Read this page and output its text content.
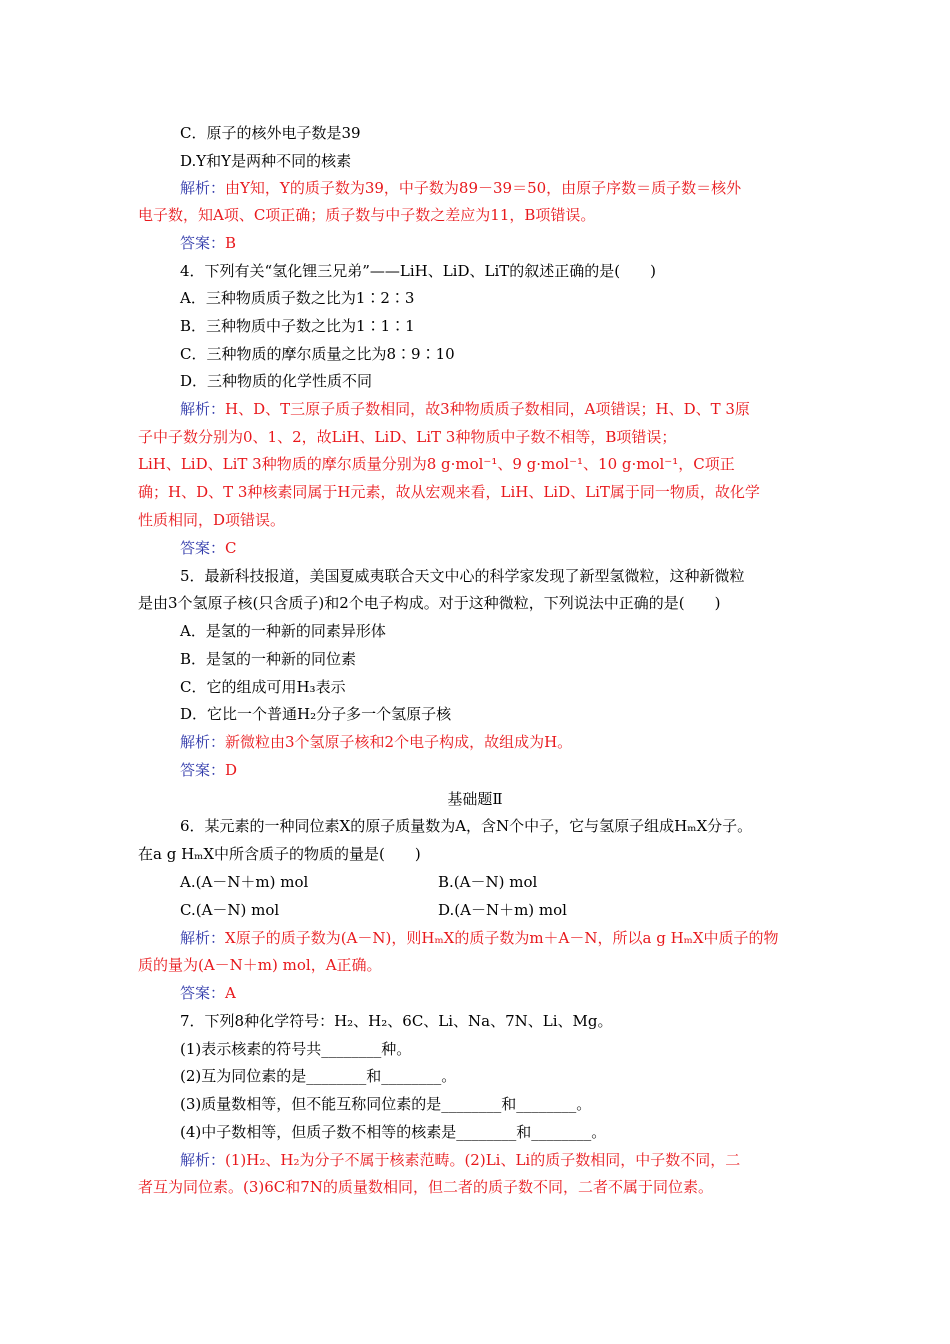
C．原子的核外电子数是39
D.Y和Y是两种不同的核素
解析：由Y知，Y的质子数为39，中子数为89－39＝50，由原子序数＝质子数＝核外
电子数，知A项、C项正确；质子数与中子数之差应为11，B项错误。
答案：B
4．下列有关“氢化锂三兄弟”——LiH、LiD、LiT的叙述正确的是(　　)
A．三种物质质子数之比为1∶2∶3
B．三种物质中子数之比为1∶1∶1
C．三种物质的摩尔质量之比为8∶9∶10
D．三种物质的化学性质不同
解析：H、D、T三原子质子数相同，故3种物质质子数相同，A项错误；H、D、T 3原
子中子数分别为0、1、2，故LiH、LiD、LiT 3种物质中子数不相等，B项错误；
LiH、LiD、LiT 3种物质的摩尔质量分别为8 g·mol⁻¹、9 g·mol⁻¹、10 g·mol⁻¹，C项正
确；H、D、T 3种核素同属于H元素，故从宏观来看，LiH、LiD、LiT属于同一物质，故化学
性质相同，D项错误。
答案：C
5．最新科技报道，美国夏威夷联合天文中心的科学家发现了新型氢微粒，这种新微粒
是由3个氢原子核(只含质子)和2个电子构成。对于这种微粒，下列说法中正确的是(　　)
A．是氢的一种新的同素异形体
B．是氢的一种新的同位素
C．它的组成可用H₃表示
D．它比一个普通H₂分子多一个氢原子核
解析：新微粒由3个氢原子核和2个电子构成，故组成为H。
答案：D
基础题Ⅱ
6．某元素的一种同位素X的原子质量数为A，含N个中子，它与氢原子组成HₘX分子。
在a g HₘX中所含质子的物质的量是(　　)
A.(A－N＋m) mol	B.(A－N) mol
C.(A－N) mol	D.(A－N＋m) mol
解析：X原子的质子数为(A－N)，则HₘX的质子数为m＋A－N，所以a g HₘX中质子的物
质的量为(A－N＋m) mol，A正确。
答案：A
7．下列8种化学符号：H₂、H₂、6C、Li、Na、7N、Li、Mg。
(1)表示核素的符号共________种。
(2)互为同位素的是________和________。
(3)质量数相等，但不能互称同位素的是________和________。
(4)中子数相等，但质子数不相等的核素是________和________。
解析：(1)H₂、H₂为分子不属于核素范畴。(2)Li、Li的质子数相同，中子数不同，二
者互为同位素。(3)6C和7N的质量数相同，但二者的质子数不同，二者不属于同位素。
